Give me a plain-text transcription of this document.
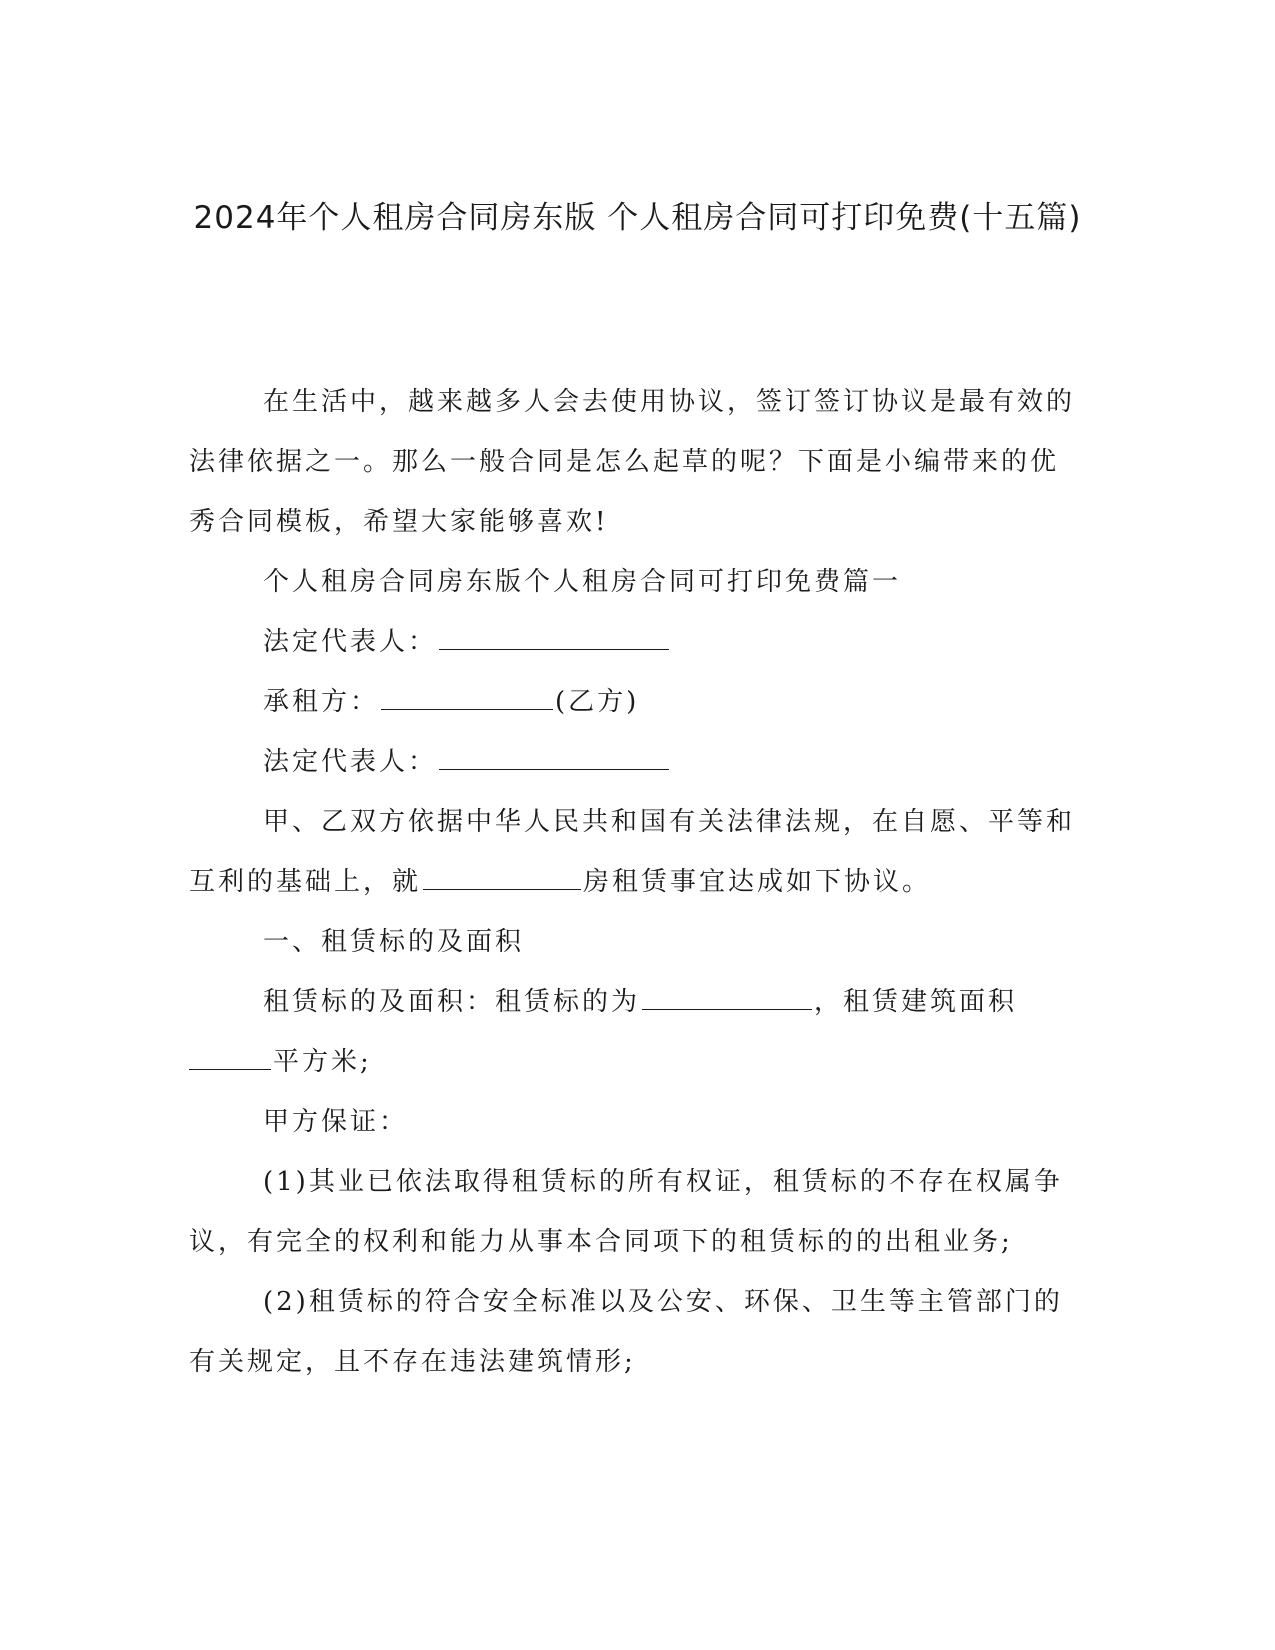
2024年个人租房合同房东版 个人租房合同可打印免费(十五篇)

在生活中，越来越多人会去使用协议，签订签订协议是最有效的法律依据之一。那么一般合同是怎么起草的呢？下面是小编带来的优秀合同模板，希望大家能够喜欢!

个人租房合同房东版个人租房合同可打印免费篇一

法定代表人：

承租方：	(乙方)

法定代表人：

甲、乙双方依据中华人民共和国有关法律法规，在自愿、平等和互利的基础上，就	房租赁事宜达成如下协议。

一、租赁标的及面积

租赁标的及面积：租赁标的为	，租赁建筑面积平方米;

甲方保证：

(1)其业已依法取得租赁标的所有权证，租赁标的不存在权属争议，有完全的权利和能力从事本合同项下的租赁标的的出租业务;

(2)租赁标的符合安全标准以及公安、环保、卫生等主管部门的有关规定，且不存在违法建筑情形;
